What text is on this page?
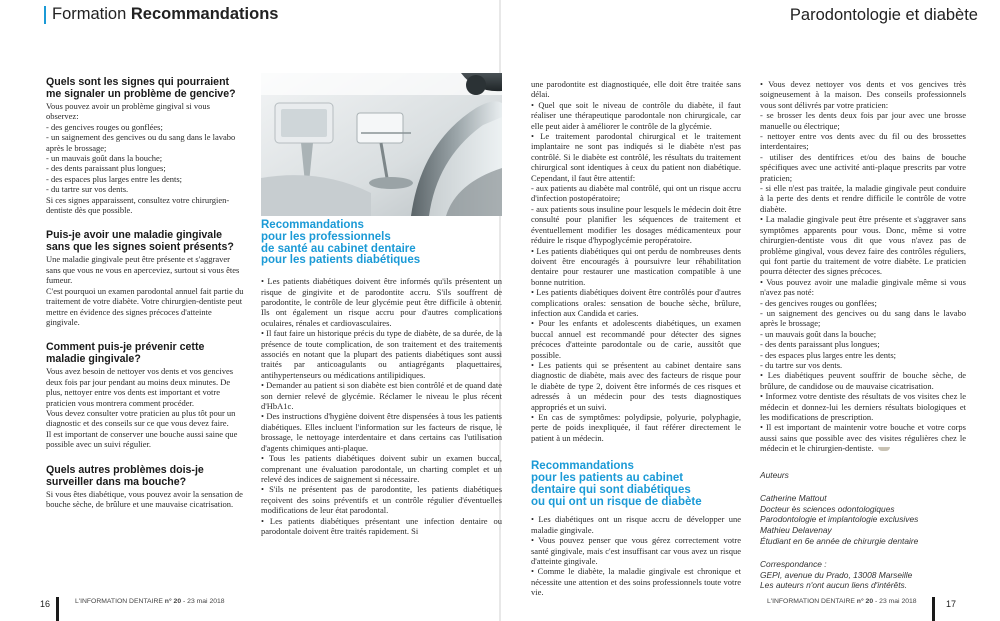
Formation Recommandations	Parodontologie et diabète
Quels sont les signes qui pourraient me signaler un problème de gencive?

Vous pouvez avoir un problème gingival si vous observez:
- des gencives rouges ou gonflées;
- un saignement des gencives ou du sang dans le lavabo après le brossage;
- un mauvais goût dans la bouche;
- des dents paraissant plus longues;
- des espaces plus larges entre les dents;
- du tartre sur vos dents.
Si ces signes apparaissent, consultez votre chirurgien-dentiste dès que possible.

Puis-je avoir une maladie gingivale sans que les signes soient présents?

Une maladie gingivale peut être présente et s'aggraver sans que vous ne vous en aperceviez, surtout si vous êtes fumeur.
C'est pourquoi un examen parodontal annuel fait partie du traitement de votre diabète. Votre chirurgien-dentiste peut mettre en évidence des signes précoces d'atteinte gingivale.

Comment puis-je prévenir cette maladie gingivale?

Vous avez besoin de nettoyer vos dents et vos gencives deux fois par jour pendant au moins deux minutes. De plus, nettoyer entre vos dents est important et votre praticien vous montrera comment procéder.
Vous devez consulter votre praticien au plus tôt pour un diagnostic et des conseils sur ce que vous devez faire.
Il est important de conserver une bouche aussi saine que possible avec un suivi régulier.

Quels autres problèmes dois-je surveiller dans ma bouche?

Si vous êtes diabétique, vous pouvez avoir la sensation de bouche sèche, de brûlure et une mauvaise cicatrisation.

Recommandations
pour les professionnels
de santé au cabinet dentaire
pour les patients diabétiques

• Les patients diabétiques doivent être informés qu'ils présentent un risque de gingivite et de parodontite accru. S'ils souffrent de parodontite, le contrôle de leur glycémie peut être difficile à obtenir. Ils ont également un risque accru pour d'autres complications oculaires, rénales et cardiovasculaires.
• Il faut faire un historique précis du type de diabète, de sa durée, de la présence de toute complication, de son traitement et des traitements associés en notant que la plupart des patients diabétiques sont aussi traités par anticoagulants ou antiagrégants plaquettaires, antihypertenseurs ou médications antilipidiques.
• Demander au patient si son diabète est bien contrôlé et de quand date son dernier relevé de glycémie. Réclamer le niveau le plus récent d'HbA1c.
• Des instructions d'hygiène doivent être dispensées à tous les patients diabétiques. Elles incluent l'information sur les facteurs de risque, le brossage, le nettoyage interdentaire et dans certains cas l'utilisation d'agents chimiques anti-plaque.
• Tous les patients diabétiques doivent subir un examen buccal, comprenant une évaluation parodontale, un charting complet et un relevé des indices de saignement si nécessaire.
• S'ils ne présentent pas de parodontite, les patients diabétiques reçoivent des soins préventifs et un contrôle régulier d'éventuelles modifications de leur état parodontal.
• Les patients diabétiques présentant une infection dentaire ou parodontale doivent être traités rapidement. Si

une parodontite est diagnostiquée, elle doit être traitée sans délai.
• Quel que soit le niveau de contrôle du diabète, il faut réaliser une thérapeutique parodontale non chirurgicale, car elle peut aider à améliorer le contrôle de la glycémie.
• Le traitement parodontal chirurgical et le traitement implantaire ne sont pas indiqués si le diabète n'est pas contrôlé. Si le diabète est contrôlé, les résultats du traitement chirurgical sont identiques à ceux du patient non diabétique. Cependant, il faut être attentif:
- aux patients au diabète mal contrôlé, qui ont un risque accru d'infection postopératoire;
- aux patients sous insuline pour lesquels le médecin doit être consulté pour planifier les séquences de traitement et éventuellement modifier les dosages médicamenteux pour réduire le risque d'hypoglycémie peropératoire.
• Les patients diabétiques qui ont perdu de nombreuses dents doivent être encouragés à poursuivre leur réhabilitation dentaire pour restaurer une mastication compatible à une bonne nutrition.
• Les patients diabétiques doivent être contrôlés pour d'autres complications orales: sensation de bouche sèche, brûlure, infection aux Candida et caries.
• Pour les enfants et adolescents diabétiques, un examen buccal annuel est recommandé pour détecter des signes précoces d'atteinte parodontale ou de carie, aussitôt que possible.
• Les patients qui se présentent au cabinet dentaire sans diagnostic de diabète, mais avec des facteurs de risque pour le diabète de type 2, doivent être informés de ces risques et adressés à un médecin pour des tests diagnostiques appropriés et un suivi.
• En cas de symptômes: polydipsie, polyurie, polyphagie, perte de poids inexpliquée, il faut référer directement le patient à un médecin.

Recommandations
pour les patients au cabinet
dentaire qui sont diabétiques
ou qui ont un risque de diabète

• Les diabétiques ont un risque accru de développer une maladie gingivale.
• Vous pouvez penser que vous gérez correctement votre santé gingivale, mais c'est insuffisant car vous avez un risque d'atteinte gingivale.
• Comme le diabète, la maladie gingivale est chronique et nécessite une attention et des soins professionnels toute votre vie.

• Vous devez nettoyer vos dents et vos gencives très soigneusement à la maison. Des conseils professionnels vous sont délivrés par votre praticien:
- se brosser les dents deux fois par jour avec une brosse manuelle ou électrique;
- nettoyer entre vos dents avec du fil ou des brossettes interdentaires;
- utiliser des dentifrices et/ou des bains de bouche spécifiques avec une activité anti-plaque prescrits par votre praticien;
- si elle n'est pas traitée, la maladie gingivale peut conduire à la perte des dents et rendre difficile le contrôle de votre diabète.
• La maladie gingivale peut être présente et s'aggraver sans symptômes apparents pour vous. Donc, même si votre chirurgien-dentiste vous dit que vous n'avez pas de problème gingival, vous devez faire des contrôles réguliers, qui font partie du traitement de votre diabète. Le praticien pourra détecter des signes précoces.
• Vous pouvez avoir une maladie gingivale même si vous n'avez pas noté:
- des gencives rouges ou gonflées;
- un saignement des gencives ou du sang dans le lavabo après le brossage;
- un mauvais goût dans la bouche;
- des dents paraissant plus longues;
- des espaces plus larges entre les dents;
- du tartre sur vos dents.
• Les diabétiques peuvent souffrir de bouche sèche, de brûlure, de candidose ou de mauvaise cicatrisation.
• Informez votre dentiste des résultats de vos visites chez le médecin et donnez-lui les derniers résultats biologiques et les modifications de prescription.
• Il est important de maintenir votre bouche et votre corps aussi sains que possible avec des visites régulières chez le médecin et le chirurgien-dentiste.

Auteurs
Catherine Mattout
Docteur ès sciences odontologiques
Parodontologie et implantologie exclusives
Mathieu Delavenay
Étudiant en 6e année de chirurgie dentaire
Correspondance :
GEPI, avenue du Prado, 13008 Marseille
Les auteurs n'ont aucun liens d'intérêts.
16	L'INFORMATION DENTAIRE n° 20 - 23 mai 2018	L'INFORMATION DENTAIRE n° 20 - 23 mai 2018	17
